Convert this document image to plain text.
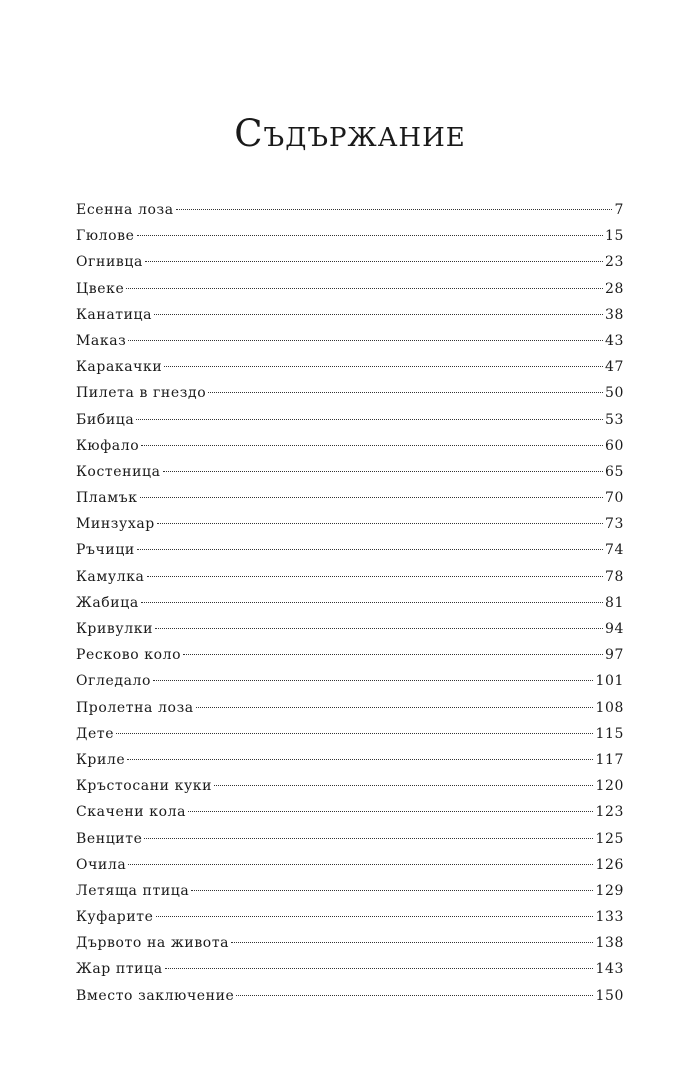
Съдържание
Есенна лоза	7
Гюлове	15
Огнивца	23
Цвеке	28
Канатица	38
Маказ	43
Каракачки	47
Пилета в гнездо	50
Бибица	53
Кюфало	60
Костеница	65
Пламък	70
Минзухар	73
Ръчици	74
Камулка	78
Жабица	81
Кривулки	94
Ресково коло	97
Огледало	101
Пролетна лоза	108
Дете	115
Криле	117
Кръстосани куки	120
Скачени кола	123
Венците	125
Очила	126
Летяща птица	129
Куфарите	133
Дървото на живота	138
Жар птица	143
Вместо заключение	150
